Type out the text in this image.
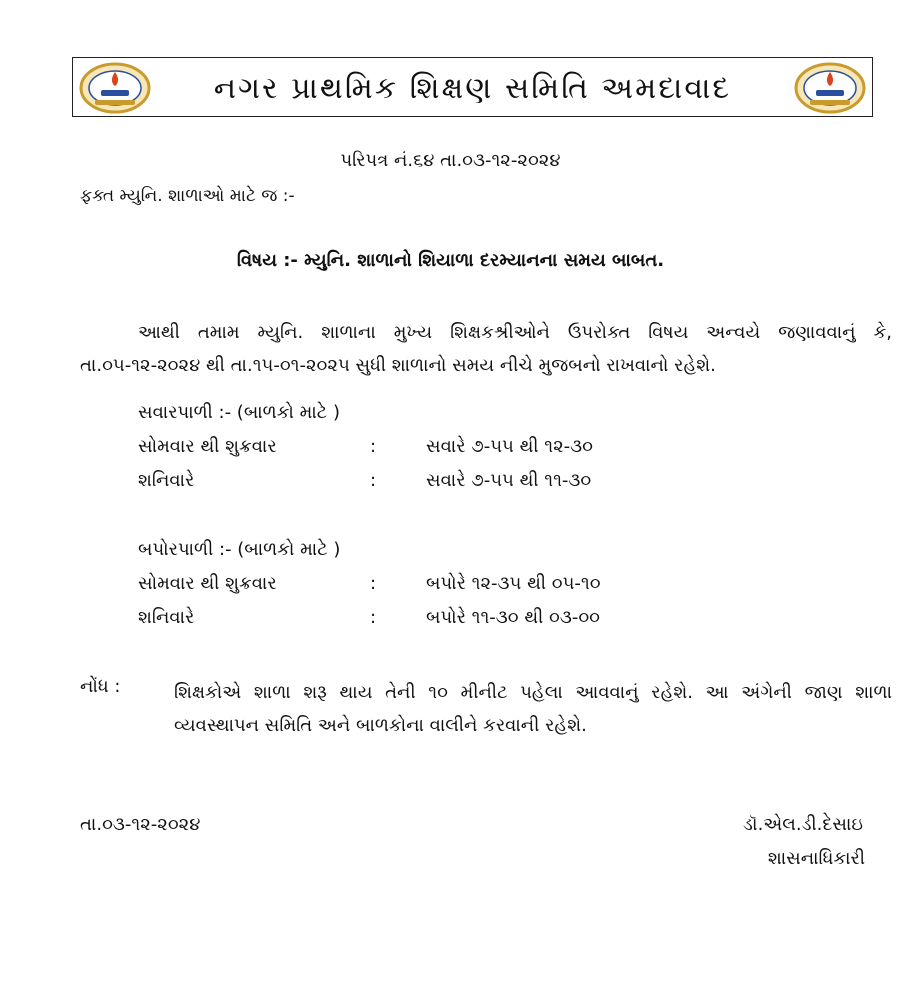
નગર પ્રાથમિક શિક્ષણ સમિતિ અમદાવાદ
પરિપત્ર નં.૬૪ તા.૦૩-૧૨-૨૦૨૪
ફક્ત મ્યુનિ. શાળાઓ માટે જ :-
વિષય :- મ્યુનિ. શાળાનો શિયાળા દરમ્યાનના સમય બાબત.
આથી તમામ મ્યુનિ. શાળાના મુખ્ય શિક્ષકશ્રીઓને ઉપરોક્ત વિષય અન્વયે જણાવવાનું કે, તા.૦૫-૧૨-૨૦૨૪ થી તા.૧૫-૦૧-૨૦૨૫ સુધી શાળાનો સમય નીચે મુજબનો રાખવાનો રહેશે.
સવારપાળી :- (બાળકો માટે )
સોમવાર થી શુક્રવાર	:	સવારે ૭-૫૫ થી ૧૨-૩૦
શનિવારે	:	સવારે ૭-૫૫ થી ૧૧-૩૦
બપોરપાળી :- (બાળકો માટે )
સોમવાર થી શુક્રવાર	:	બપોરે ૧૨-૩૫ થી ૦૫-૧૦
શનિવારે	:	બપોરે ૧૧-૩૦ થી ૦૩-૦૦
નોંધ :	શિક્ષકોએ શાળા શરૂ થાય તેની ૧૦ મીનીટ પહેલા આવવાનું રહેશે. આ અંગેની જાણ શાળા વ્યવસ્થાપન સમિતિ અને બાળકોના વાલીને કરવાની રહેશે.
તા.૦૩-૧૨-૨૦૨૪	ડૉ.એલ.ડી.દેસાઇ
શાસનાધિકારી
